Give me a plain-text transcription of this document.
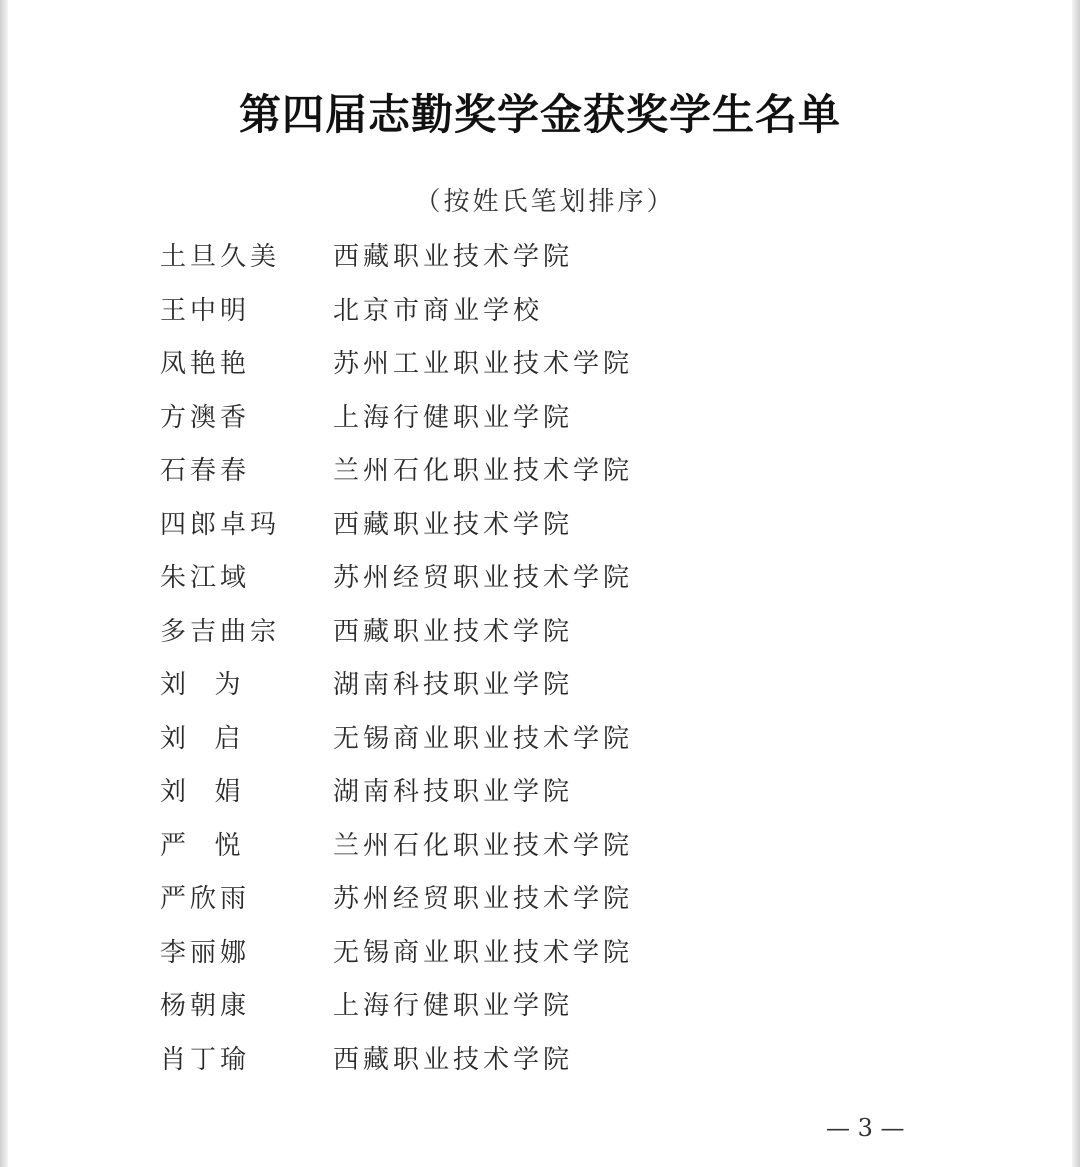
第四届志勤奖学金获奖学生名单

（按姓氏笔划排序）

土旦久美	西藏职业技术学院
王中明	北京市商业学校
凤艳艳	苏州工业职业技术学院
方澳香	上海行健职业学院
石春春	兰州石化职业技术学院
四郎卓玛	西藏职业技术学院
朱江域	苏州经贸职业技术学院
多吉曲宗	西藏职业技术学院
刘  为	湖南科技职业学院
刘  启	无锡商业职业技术学院
刘  娟	湖南科技职业学院
严  悦	兰州石化职业技术学院
严欣雨	苏州经贸职业技术学院
李丽娜	无锡商业职业技术学院
杨朝康	上海行健职业学院
肖丁瑜	西藏职业技术学院
— 3 —
